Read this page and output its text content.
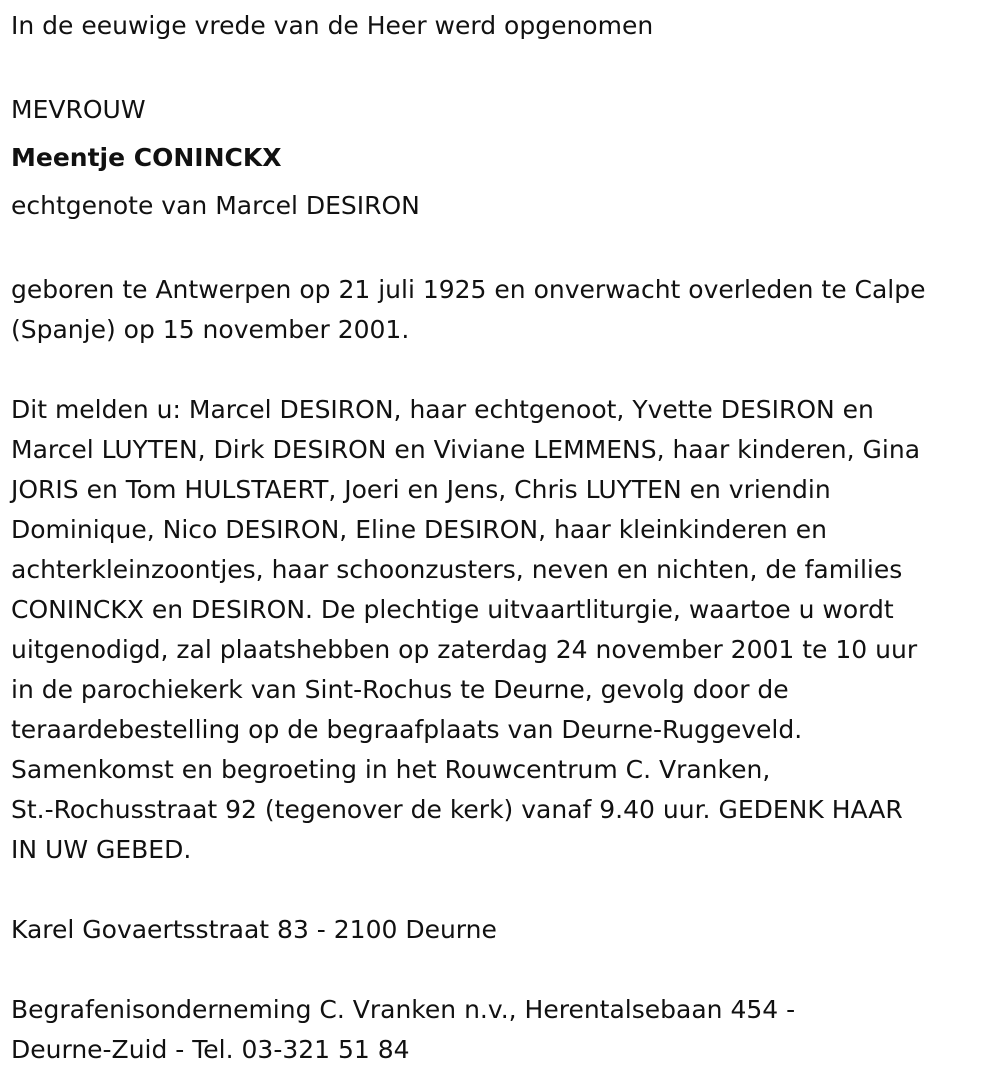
In de eeuwige vrede van de Heer werd opgenomen

MEVROUW

Meentje CONINCKX

echtgenote van Marcel DESIRON

geboren te Antwerpen op 21 juli 1925 en onverwacht overleden te Calpe
(Spanje) op 15 november 2001.
Dit melden u: Marcel DESIRON, haar echtgenoot, Yvette DESIRON en
Marcel LUYTEN, Dirk DESIRON en Viviane LEMMENS, haar kinderen, Gina
JORIS en Tom HULSTAERT, Joeri en Jens, Chris LUYTEN en vriendin
Dominique, Nico DESIRON, Eline DESIRON, haar kleinkinderen en
achterkleinzoontjes, haar schoonzusters, neven en nichten, de families
CONINCKX en DESIRON. De plechtige uitvaartliturgie, waartoe u wordt
uitgenodigd, zal plaatshebben op zaterdag 24 november 2001 te 10 uur
in de parochiekerk van Sint-Rochus te Deurne, gevolg door de
teraardebestelling op de begraafplaats van Deurne-Ruggeveld.
Samenkomst en begroeting in het Rouwcentrum C. Vranken,
St.-Rochusstraat 92 (tegenover de kerk) vanaf 9.40 uur. GEDENK HAAR
IN UW GEBED.

Karel Govaertsstraat 83 - 2100 Deurne

Begrafenisonderneming C. Vranken n.v., Herentalsebaan 454 -
Deurne-Zuid - Tel. 03-321 51 84
